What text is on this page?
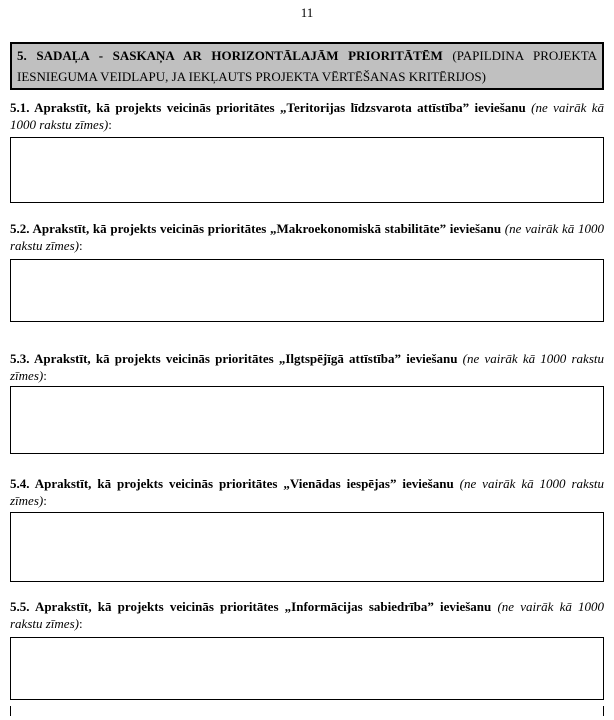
11
5. SADAĻA - SASKAŅA AR HORIZONTĀLAJĀM PRIORITĀTĒM (PAPILDINA PROJEKTA IESNIEGUMA VEIDLAPU, JA IEKĻAUTS PROJEKTA VĒRTĒŠANAS KRITĒRIJOS)

5.1. Aprakstīt, kā projekts veicinās prioritātes „Teritorijas līdzsvarota attīstība” ieviešanu (ne vairāk kā 1000 rakstu zīmes):

5.2. Aprakstīt, kā projekts veicinās prioritātes „Makroekonomiskā stabilitāte” ieviešanu (ne vairāk kā 1000 rakstu zīmes):

5.3. Aprakstīt, kā projekts veicinās prioritātes „Ilgtspējīgā attīstība” ieviešanu (ne vairāk kā 1000 rakstu zīmes):

5.4. Aprakstīt, kā projekts veicinās prioritātes „Vienādas iespējas” ieviešanu (ne vairāk kā 1000 rakstu zīmes):

5.5. Aprakstīt, kā projekts veicinās prioritātes „Informācijas sabiedrība” ieviešanu (ne vairāk kā 1000 rakstu zīmes):
